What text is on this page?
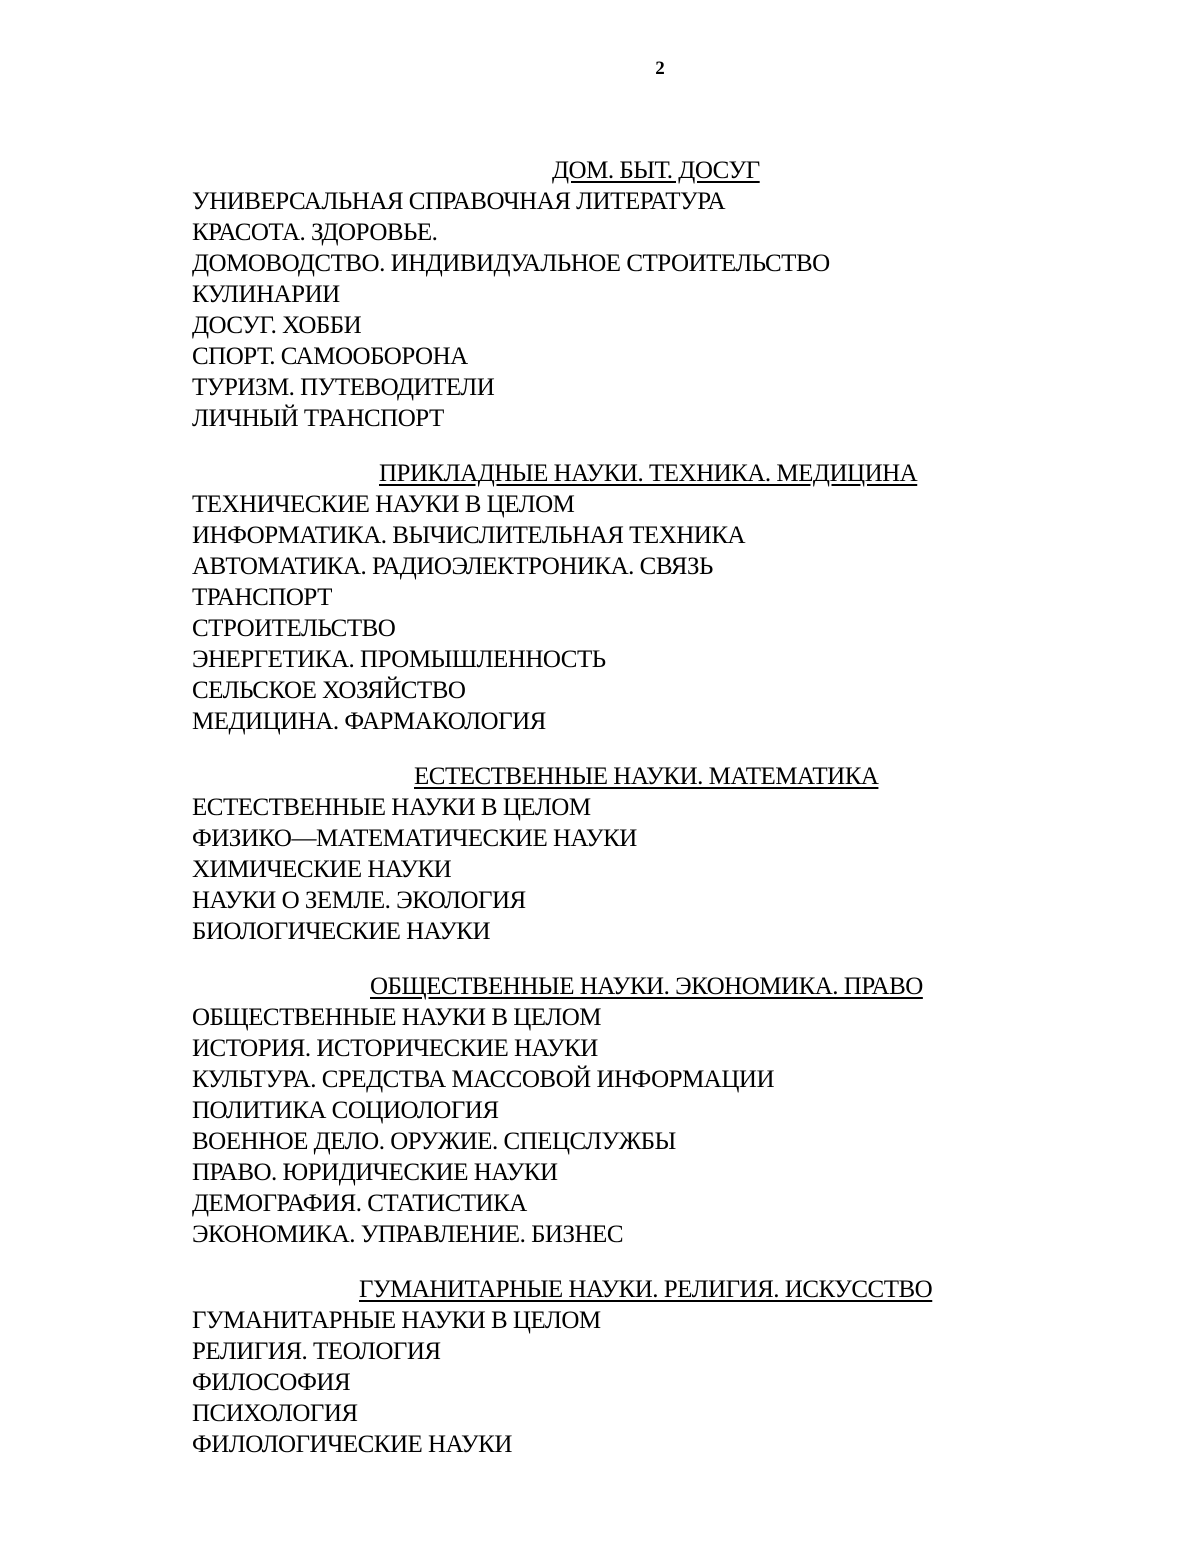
2
ДОМ. БЫТ. ДОСУГ
УНИВЕРСАЛЬНАЯ СПРАВОЧНАЯ ЛИТЕРАТУРА
КРАСОТА. ЗДОРОВЬЕ.
ДОМОВОДСТВО. ИНДИВИДУАЛЬНОЕ СТРОИТЕЛЬСТВО
КУЛИНАРИИ
ДОСУГ. ХОББИ
СПОРТ. САМООБОРОНА
ТУРИЗМ. ПУТЕВОДИТЕЛИ
ЛИЧНЫЙ ТРАНСПОРТ
ПРИКЛАДНЫЕ НАУКИ. ТЕХНИКА. МЕДИЦИНА
ТЕХНИЧЕСКИЕ НАУКИ В ЦЕЛОМ
ИНФОРМАТИКА. ВЫЧИСЛИТЕЛЬНАЯ ТЕХНИКА
АВТОМАТИКА. РАДИОЭЛЕКТРОНИКА. СВЯЗЬ
ТРАНСПОРТ
СТРОИТЕЛЬСТВО
ЭНЕРГЕТИКА. ПРОМЫШЛЕННОСТЬ
СЕЛЬСКОЕ ХОЗЯЙСТВО
МЕДИЦИНА. ФАРМАКОЛОГИЯ
ЕСТЕСТВЕННЫЕ НАУКИ. МАТЕМАТИКА
ЕСТЕСТВЕННЫЕ НАУКИ В ЦЕЛОМ
ФИЗИКО—МАТЕМАТИЧЕСКИЕ НАУКИ
ХИМИЧЕСКИЕ НАУКИ
НАУКИ О ЗЕМЛЕ. ЭКОЛОГИЯ
БИОЛОГИЧЕСКИЕ НАУКИ
ОБЩЕСТВЕННЫЕ НАУКИ. ЭКОНОМИКА. ПРАВО
ОБЩЕСТВЕННЫЕ НАУКИ В ЦЕЛОМ
ИСТОРИЯ. ИСТОРИЧЕСКИЕ НАУКИ
КУЛЬТУРА. СРЕДСТВА МАССОВОЙ ИНФОРМАЦИИ
ПОЛИТИКА СОЦИОЛОГИЯ
ВОЕННОЕ ДЕЛО. ОРУЖИЕ. СПЕЦСЛУЖБЫ
ПРАВО. ЮРИДИЧЕСКИЕ НАУКИ
ДЕМОГРАФИЯ. СТАТИСТИКА
ЭКОНОМИКА. УПРАВЛЕНИЕ. БИЗНЕС
ГУМАНИТАРНЫЕ НАУКИ. РЕЛИГИЯ. ИСКУССТВО
ГУМАНИТАРНЫЕ НАУКИ В ЦЕЛОМ
РЕЛИГИЯ. ТЕОЛОГИЯ
ФИЛОСОФИЯ
ПСИХОЛОГИЯ
ФИЛОЛОГИЧЕСКИЕ НАУКИ
